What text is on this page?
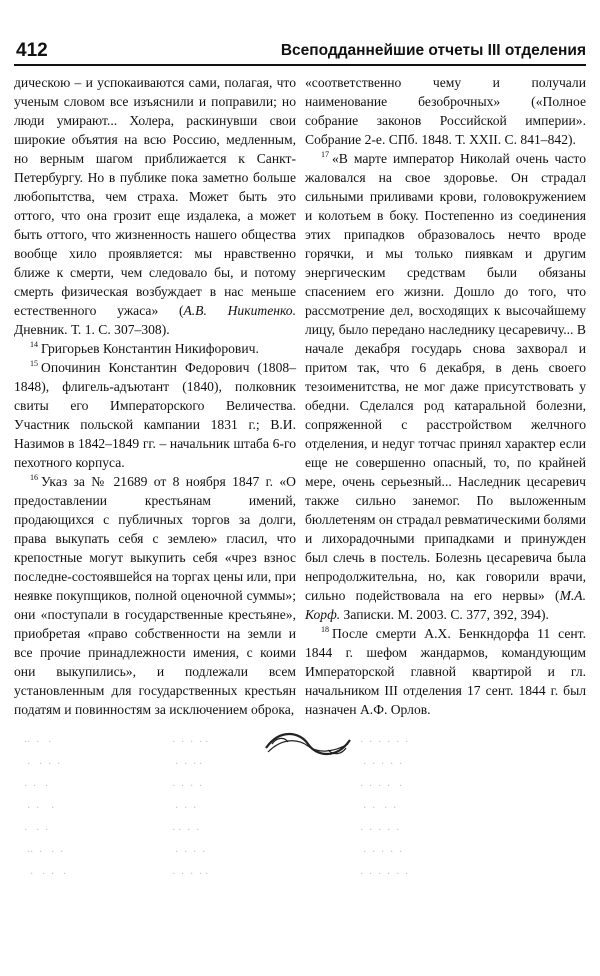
412	Всеподданнейшие отчеты III отделения

дическою – и успокаиваются сами, полагая, что ученым словом все изъяснили и поправили; но люди умирают... Холера, раскинувши свои широкие объятия на всю Россию, медленным, но верным шагом приближается к Санкт-Петербургу. Но в публике пока заметно больше любопытства, чем страха. Может быть это оттого, что она грозит еще издалека, а может быть оттого, что жизненность нашего общества вообще хило проявляется: мы нравственно ближе к смерти, чем следовало бы, и потому смерть физическая возбуждает в нас меньше естественного ужаса» (А.В. Никитенко. Дневник. Т. 1. С. 307–308).

$^{14}$ Григорьев Константин Никифорович.

$^{15}$ Опочинин Константин Федорович (1808–1848), флигель-адъютант (1840), полковник свиты его Императорского Величества. Участник польской кампании 1831 г.; В.И. Назимов в 1842–1849 гг. – начальник штаба 6-го пехотного корпуса.

$^{16}$ Указ за № 21689 от 8 ноября 1847 г. «О предоставлении крестьянам имений, продающихся с публичных торгов за долги, права выкупать себя с землею» гласил, что крепостные могут выкупить себя «чрез взнос последне-состоявшейся на торгах цены или, при неявке покупщиков, полной оценочной суммы»; они «поступали в государственные крестьяне», приобретая «право собственности на земли и все прочие принадлежности имения, с коими они выкупились», и подлежали всем установленным для государственных крестьян податям и повинностям за исключением оброка,

«соответственно чему и получали наименование безоброчных» («Полное собрание законов Российской империи». Собрание 2-е. СПб. 1848. Т. XXII. С. 841–842).

$^{17}$ «В марте император Николай очень часто жаловался на свое здоровье. Он страдал сильными приливами крови, головокружением и колотьем в боку. Постепенно из соединения этих припадков образовалось нечто вроде горячки, и мы только пиявкам и другим энергическим средствам были обязаны спасением его жизни. Дошло до того, что рассмотрение дел, восходящих к высочайшему лицу, было передано наследнику цесаревичу... В начале декабря государь снова захворал и притом так, что 6 декабря, в день своего тезоименитства, не мог даже присутствовать у обедни. Сделался род катаральной болезни, сопряженной с расстройством желчного отделения, и недуг тотчас принял характер если еще не совершенно опасный, то, по крайней мере, очень серьезный... Наследник цесаревич также сильно занемог. По выложенным бюллетеням он страдал ревматическими болями и лихорадочными припадками и принужден был слечь в постель. Болезнь цесаревича была непродолжительна, но, как говорили врачи, сильно подействовала на его нервы» (М.А. Корф. Записки. М. 2003. С. 377, 392, 394).

$^{18}$ После смерти А.Х. Бенкндорфа 11 сент. 1844 г. шефом жандармов, командующим Императорской главной квартирой и гл. начальником III отделения 17 сент. 1844 г. был назначен А.Ф. Орлов.

··  ·   ·
·   ·  ·  ·
·  ·   ·
·  ·    ·
·   ·  ·
··  ·   ·  ·
·   ·  ·   ·
·  ·  ·  · ·
·  ·  · ·
·  ·  ·  ·
·  ·  ·
· ·  ·  ·
·  ·  ·  ·
·  ·  ·  · ·
·  ·  ·  ·  ·  ·
·  ·  ·  ·  ·
·  ·  ·  ·   ·
·  ·   ·  ·
·  ·  ·  ·  ·
·  ·  ·  ·  ·
·  ·  ·  ·  ·  ·
